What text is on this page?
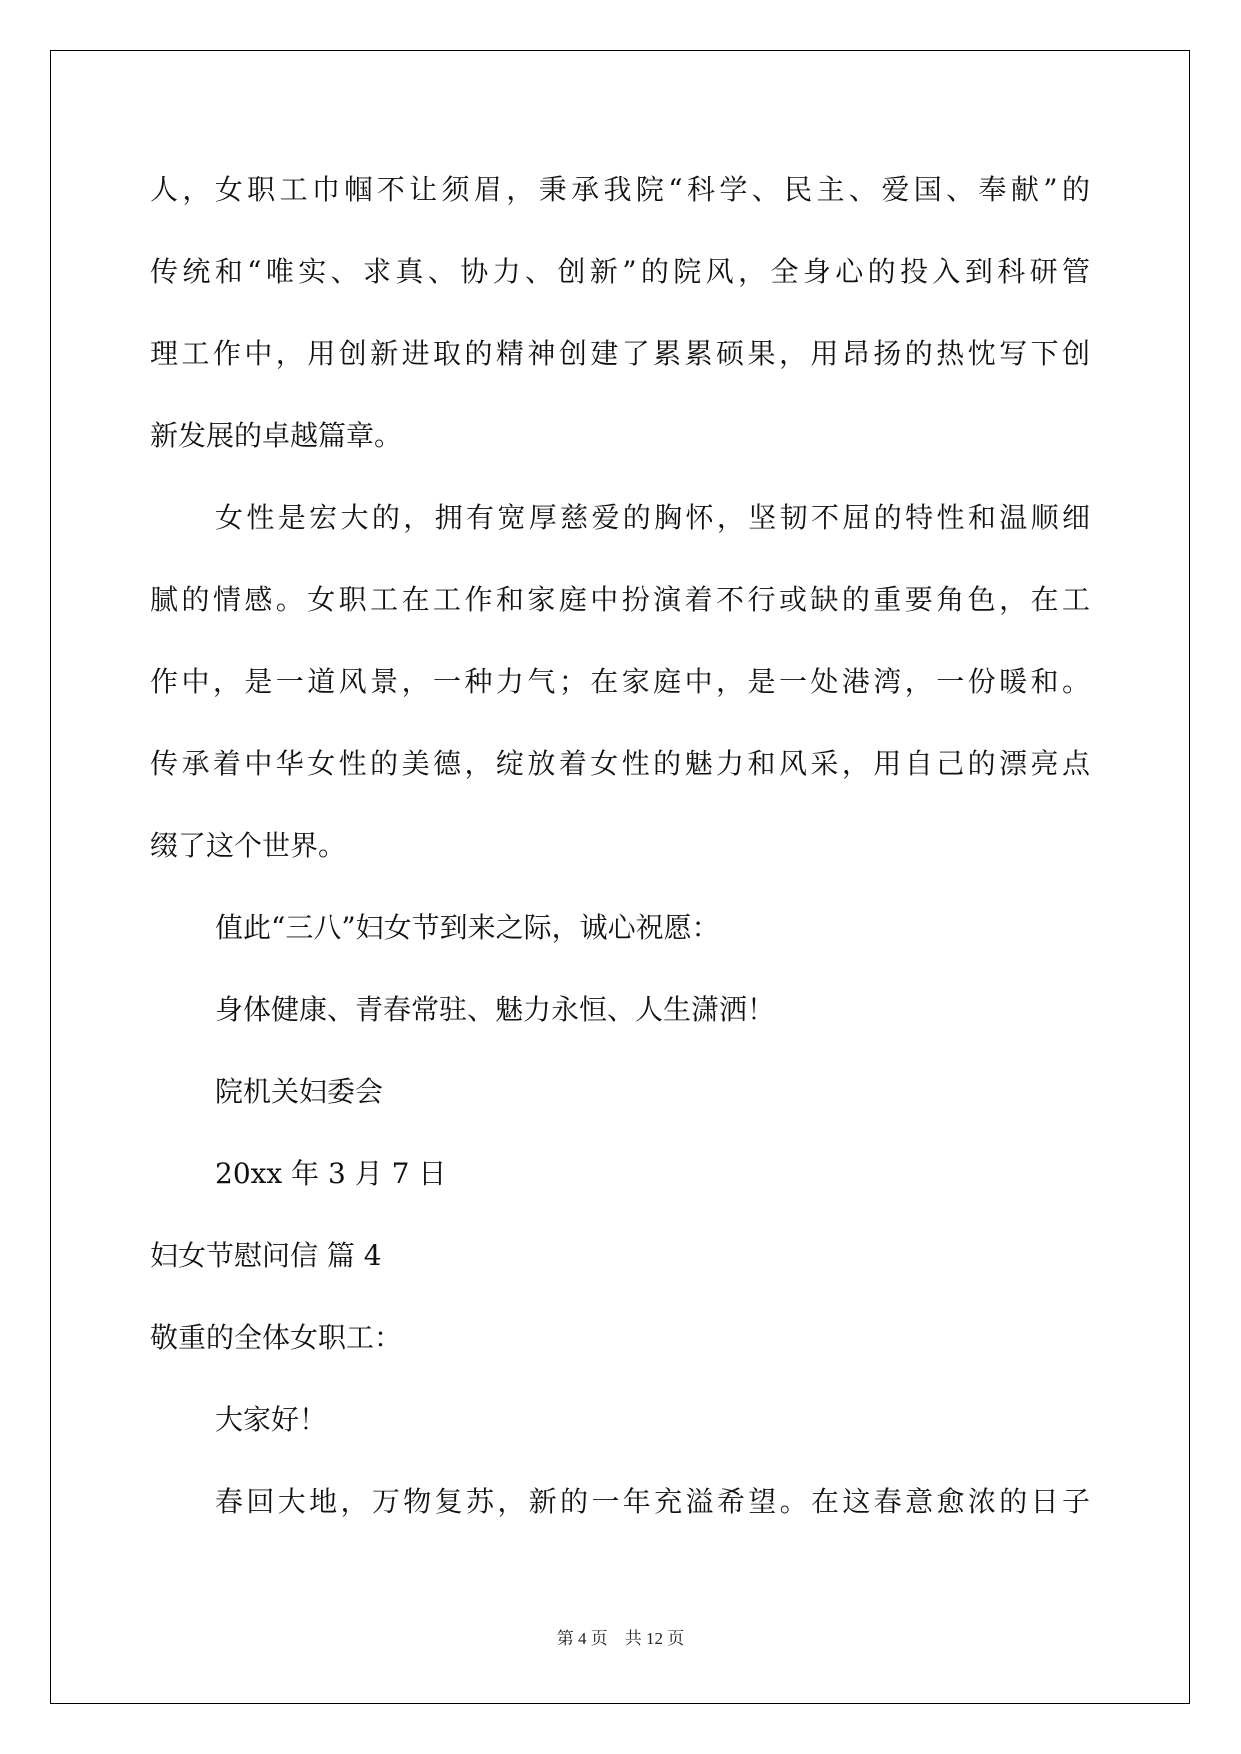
人，女职工巾帼不让须眉，秉承我院“科学、民主、爱国、奉献”的

传统和“唯实、求真、协力、创新”的院风，全身心的投入到科研管

理工作中，用创新进取的精神创建了累累硕果，用昂扬的热忱写下创

新发展的卓越篇章。

女性是宏大的，拥有宽厚慈爱的胸怀，坚韧不屈的特性和温顺细

腻的情感。女职工在工作和家庭中扮演着不行或缺的重要角色，在工

作中，是一道风景，一种力气；在家庭中，是一处港湾，一份暖和。

传承着中华女性的美德，绽放着女性的魅力和风采，用自己的漂亮点

缀了这个世界。

值此“三八”妇女节到来之际，诚心祝愿：

身体健康、青春常驻、魅力永恒、人生潇洒！

院机关妇委会

20xx 年 3 月 7 日

妇女节慰问信 篇 4

敬重的全体女职工：

大家好！

春回大地，万物复苏，新的一年充溢希望。在这春意愈浓的日子

第 4 页 共 12 页
